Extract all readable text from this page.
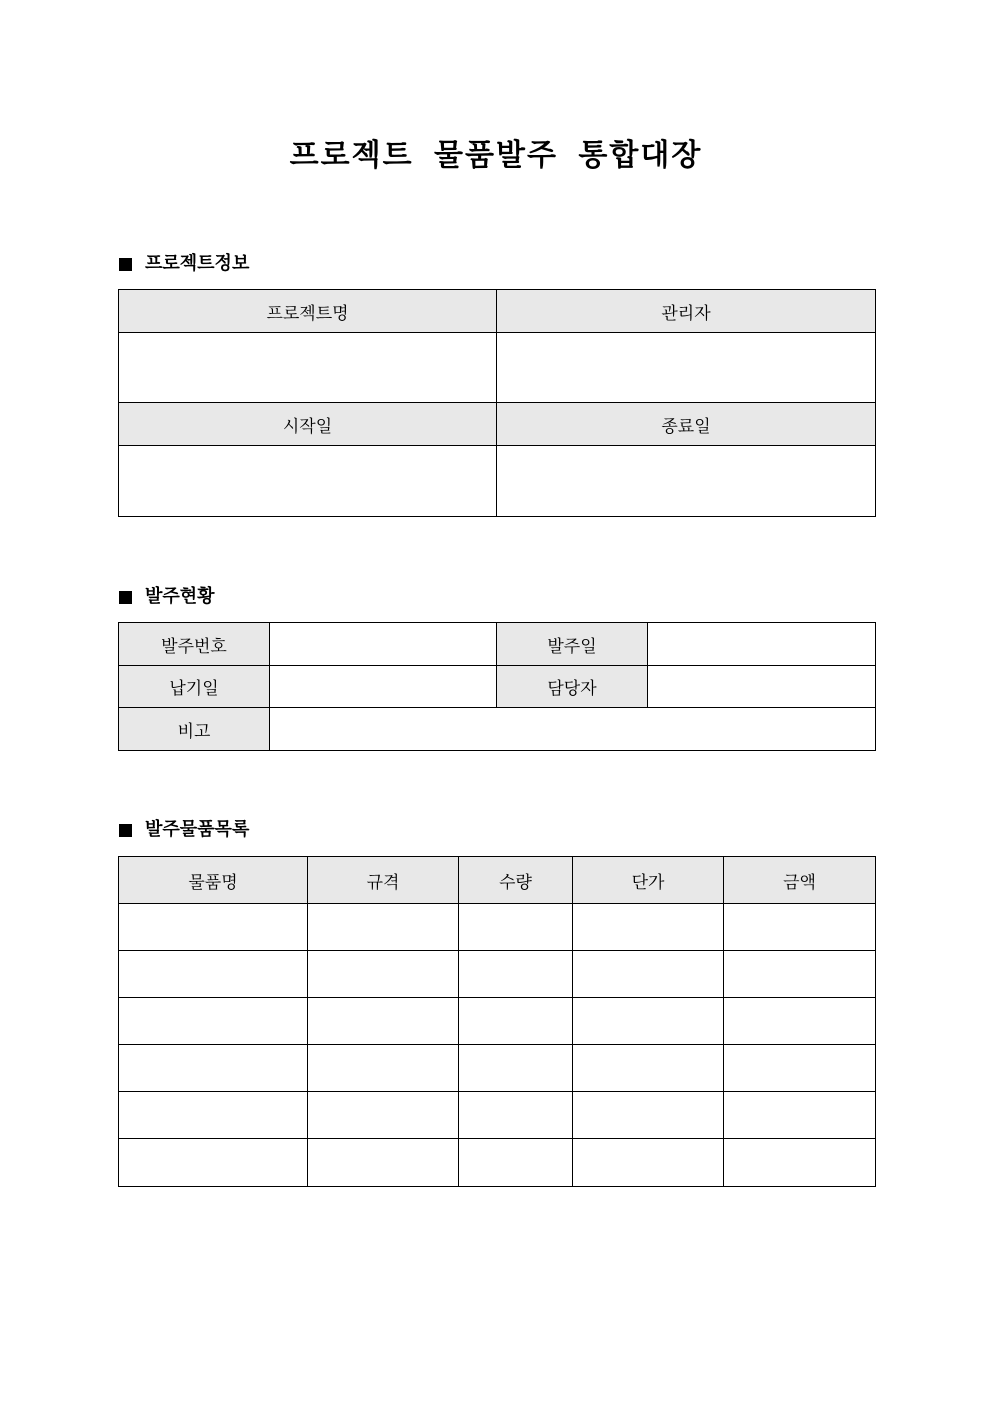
프로젝트 물품발주 통합대장
프로젝트정보
프로젝트명	관리자

시작일	종료일

발주현황
발주번호		발주일	
납기일		담당자	
비고			
발주물품목록
물품명	규격	수량	단가	금액
